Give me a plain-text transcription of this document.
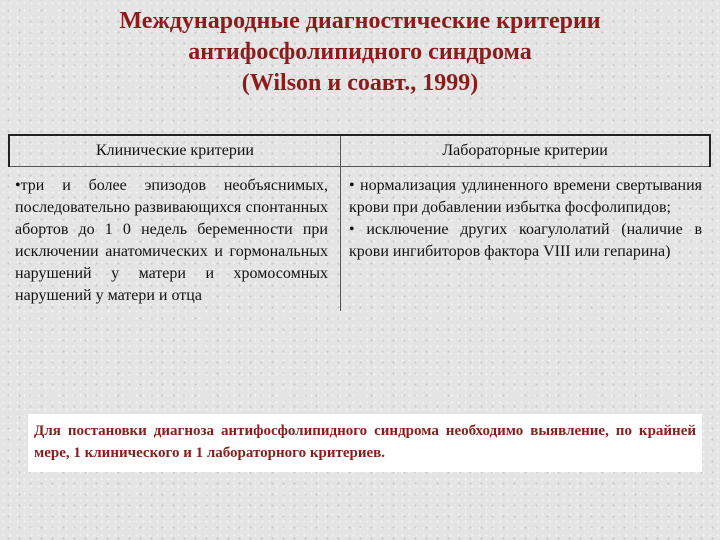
Международные диагностические критерии
антифосфолипидного синдрома
(Wilson и соавт., 1999)
Клинические критерии	Лабораторные критерии
•три и более эпизодов необъяснимых, последовательно развивающихся спонтанных абортов до 1 0 недель беременности при исключении анатомических и гормональных нарушений у матери и хромосомных нарушений у матери и отца	• нормализация удлиненного времени свертывания крови при добавлении избытка фосфолипидов;
• исключение других коагулолатий (наличие в крови ингибиторов фактора VIII или гепарина)
Для постановки диагноза антифосфолипидного синдрома необходимо выявление, по крайней мере, 1 клинического и 1 лабораторного критериев.
